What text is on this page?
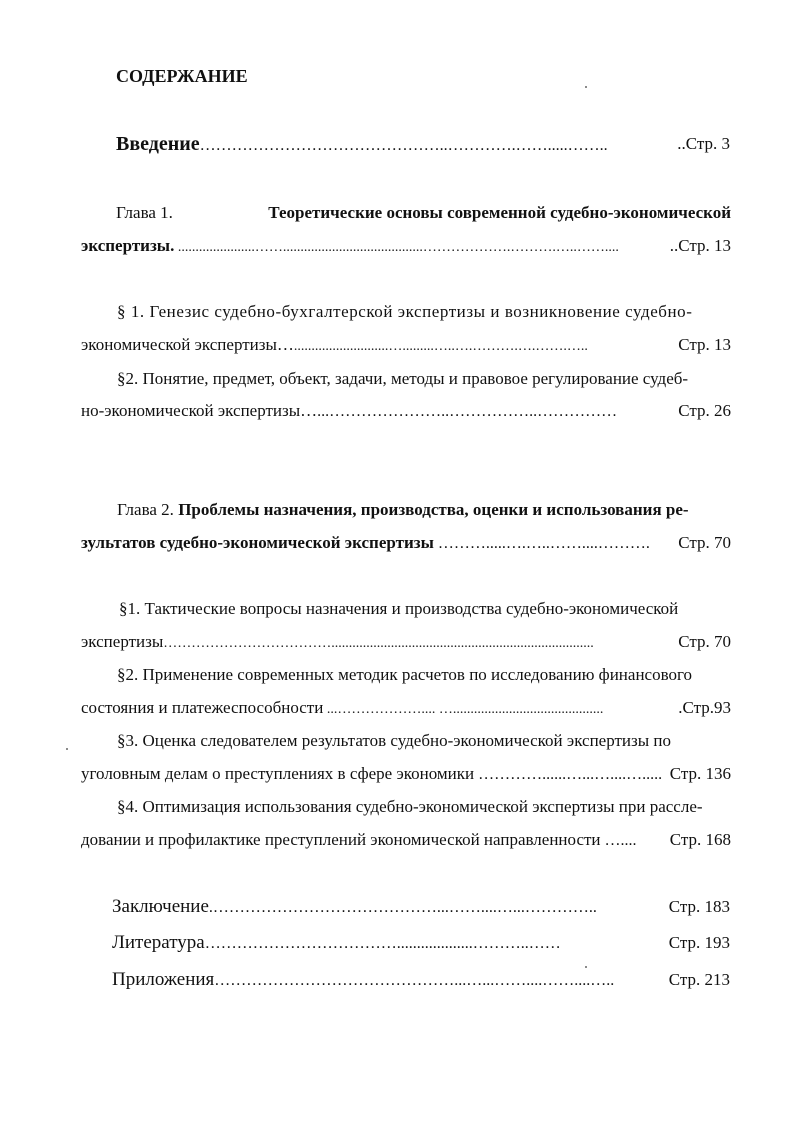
СОДЕРЖАНИЕ
Введение………………………………………..………….…….....……..	..Стр. 3
Глава 1.	Теоретические основы современной судебно-экономической
экспертизы. ......................……........................................……………….……….…..……....	..Стр. 13
§ 1. Генезис судебно-бухгалтерской экспертизы и возникновение судебно-
экономической экспертизы…...........................….........…..….……….….…….…..	Стр. 13
§2. Понятие, предмет, объект, задачи, методы и правовое регулирование судеб-
но-экономической экспертизы…...…………………..……………..……………	Стр. 26
Глава 2. Проблемы назначения, производства, оценки и использования ре-
зультатов судебно-экономической экспертизы ……….....….…..……....………. Стр. 70
§1. Тактические вопросы назначения и производства судебно-экономической
экспертизы………………………………...........................................................................	Стр. 70
§2. Применение современных методик расчетов по исследованию финансового
состояния и платежеспособности ...……………….... …...........................................	.Стр.93
§3. Оценка следователем результатов судебно-экономической экспертизы по
уголовным делам о преступлениях в сфере экономики …………......…...…....…..... Стр. 136
§4. Оптимизация использования судебно-экономической экспертизы при рассле-
довании и профилактике преступлений экономической направленности ….... Стр. 168
Заключение.……………………………………...……....…...…………..	Стр. 183
Литература………………………………...................………..……	Стр. 193
Приложения………………………………………...…...……....……....…..	Стр. 213
